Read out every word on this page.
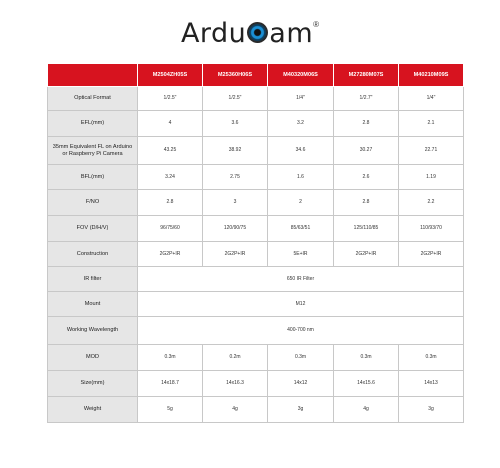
Ardu am®
	M2504ZH05S	M25360H06S	M40320M06S	M27280M07S	M40210M09S
Optical Format	1/2.5"	1/2.5"	1/4"	1/2.7"	1/4"
EFL(mm)	4	3.6	3.2	2.8	2.1
35mm Equivalent FL on Arduino or Raspberry Pi Camera	43.25	38.92	34.6	30.27	22.71
BFL(mm)	3.24	2.75	1.6	2.6	1.19
F/NO	2.8	3	2	2.8	2.2
FOV (D/H/V)	96/75/60	120/90/75	85/63/51	125/110/85	110/93/70
Construction	2G2P+IR	2G2P+IR	5E+IR	2G2P+IR	2G2P+IR
IR filter	650 IR Filter				
Mount	M12				
Working Wavelength	400-700 nm				
MOD	0.3m	0.2m	0.3m	0.3m	0.3m
Size(mm)	14x18.7	14x16.3	14x12	14x15.6	14x13
Weight	5g	4g	3g	4g	3g
